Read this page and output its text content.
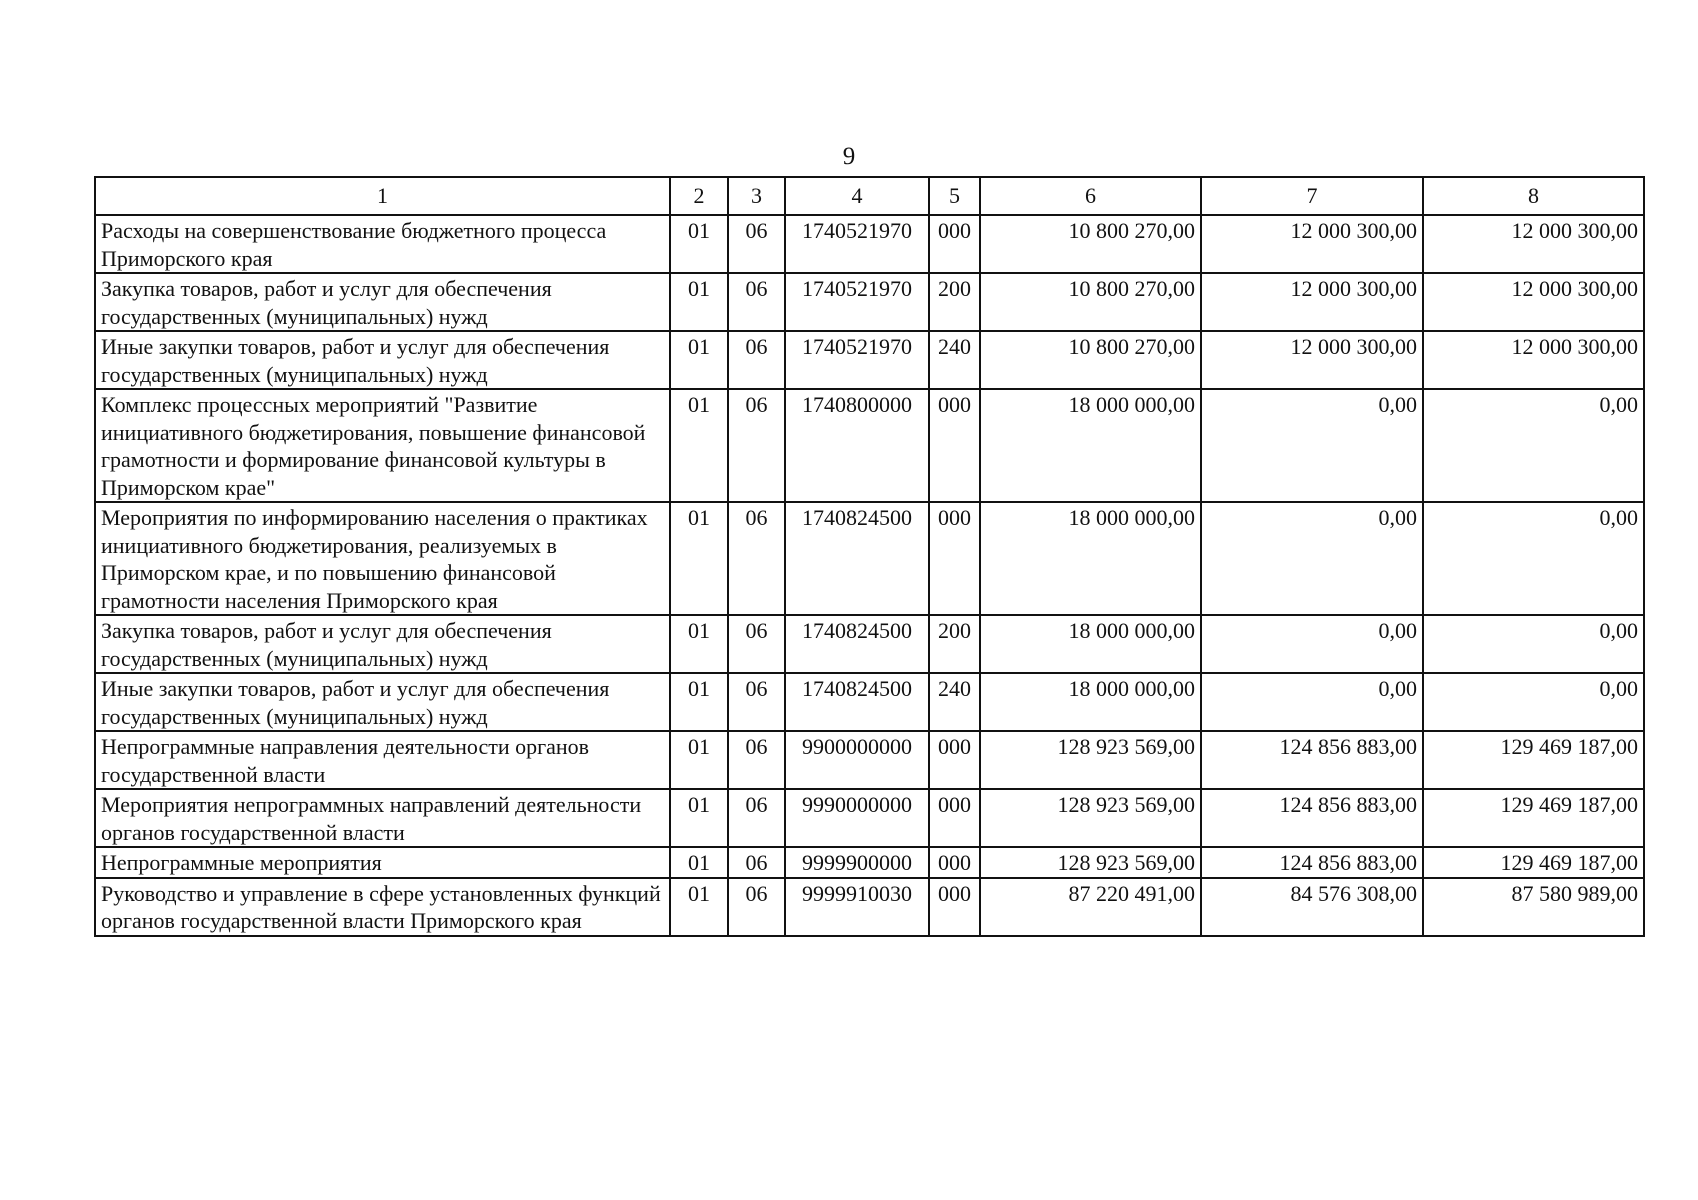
9
1	2	3	4	5	6	7	8
Расходы на совершенствование бюджетного процесса Приморского края	01	06	1740521970	000	10 800 270,00	12 000 300,00	12 000 300,00
Закупка товаров, работ и услуг для обеспечения государственных (муниципальных) нужд	01	06	1740521970	200	10 800 270,00	12 000 300,00	12 000 300,00
Иные закупки товаров, работ и услуг для обеспечения государственных (муниципальных) нужд	01	06	1740521970	240	10 800 270,00	12 000 300,00	12 000 300,00
Комплекс процессных мероприятий "Развитие инициативного бюджетирования, повышение финансовой грамотности и формирование финансовой культуры в Приморском крае"	01	06	1740800000	000	18 000 000,00	0,00	0,00
Мероприятия по информированию населения о практиках инициативного бюджетирования, реализуемых в Приморском крае, и по повышению финансовой грамотности населения Приморского края	01	06	1740824500	000	18 000 000,00	0,00	0,00
Закупка товаров, работ и услуг для обеспечения государственных (муниципальных) нужд	01	06	1740824500	200	18 000 000,00	0,00	0,00
Иные закупки товаров, работ и услуг для обеспечения государственных (муниципальных) нужд	01	06	1740824500	240	18 000 000,00	0,00	0,00
Непрограммные направления деятельности органов государственной власти	01	06	9900000000	000	128 923 569,00	124 856 883,00	129 469 187,00
Мероприятия непрограммных направлений деятельности органов государственной власти	01	06	9990000000	000	128 923 569,00	124 856 883,00	129 469 187,00
Непрограммные мероприятия	01	06	9999900000	000	128 923 569,00	124 856 883,00	129 469 187,00
Руководство и управление в сфере установленных функций органов государственной власти Приморского края	01	06	9999910030	000	87 220 491,00	84 576 308,00	87 580 989,00
